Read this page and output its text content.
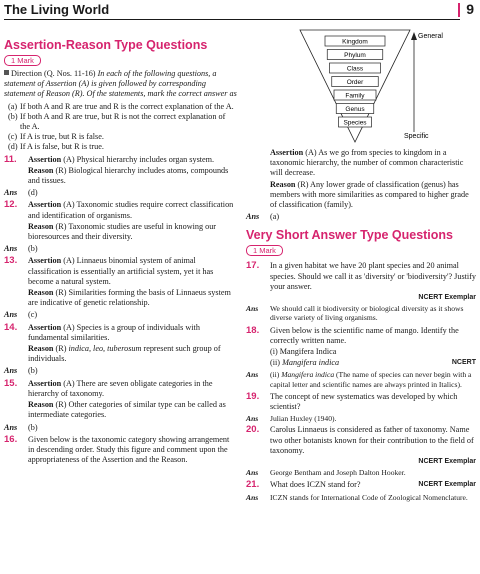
The Living World	9
Assertion-Reason Type Questions
1 Mark

Direction (Q. Nos. 11-16) In each of the following questions, a statement of Assertion (A) is given followed by corresponding statement of Reason (R). Of the statements, mark the correct answer as

(a) If both A and R are true and R is the correct explanation of the A.
(b) If both A and R are true, but R is not the correct explanation of the A.
(c) If A is true, but R is false.
(d) If A is false, but R is true.
11.	Assertion (A) Physical hierarchy includes organ system.

Reason (R) Biological hierarchy includes atoms, compounds and tissues.

Ans	(d)
12.	Assertion (A) Taxonomic studies require correct classification and identification of organisms.

Reason (R) Taxonomic studies are useful in knowing our bioresources and their diversity.

Ans	(b)
13.	Assertion (A) Linnaeus binomial system of animal classification is essentially an artificial system, yet it has become a natural system.

Reason (R) Similarities forming the basis of Linnaeus system are indicative of genetic relationship.

Ans	(c)
14.	Assertion (A) Species is a group of individuals with fundamental similarities.

Reason (R) indica, leo, tuberosum represent such group of individuals.

Ans	(b)
15.	Assertion (A) There are seven obligate categories in the hierarchy of taxonomy.

Reason (R) Other categories of similar type can be called as intermediate categories.

Ans	(b)
16.	Given below is the taxonomic category showing arrangement in descending order. Study this figure and comment upon the appropriateness of the Assertion and the Reason.

Kingdom
Phylum
Class
Order
Family
Genus
Species
General
Specific

Assertion (A) As we go from species to kingdom in a taxonomic hierarchy, the number of common characteristic will decrease.

Reason (R) Any lower grade of classification (genus) has members with more similarities as compared to higher grade of classification (family).

Ans	(a)
Very Short Answer Type Questions
1 Mark
17.	In a given habitat we have 20 plant species and 20 animal species. Should we call it as 'diversity' or 'biodiversity'? Justify your answer.

NCERT Exemplar
Ans	We should call it biodiversity or biological diversity as it shows diverse variety of living organisms.
18.	Given below is the scientific name of mango. Identify the correctly written name.

(i) Mangifera Indica

NCERT
(ii) Mangifera indica

Ans	(ii) Mangifera indica (The name of species can never begin with a capital letter and scientific names are always printed in Italics).
19.	The concept of new systematics was developed by which scientist?

Ans	Julian Huxley (1940).
20.	Carolus Linnaeus is considered as father of taxonomy. Name two other botanists known for their contribution to the field of taxonomy.

NCERT Exemplar
Ans	George Bentham and Joseph Dalton Hooker.
21.	NCERT Exemplar
What does ICZN stand for?

Ans	ICZN stands for International Code of Zoological Nomenclature.
